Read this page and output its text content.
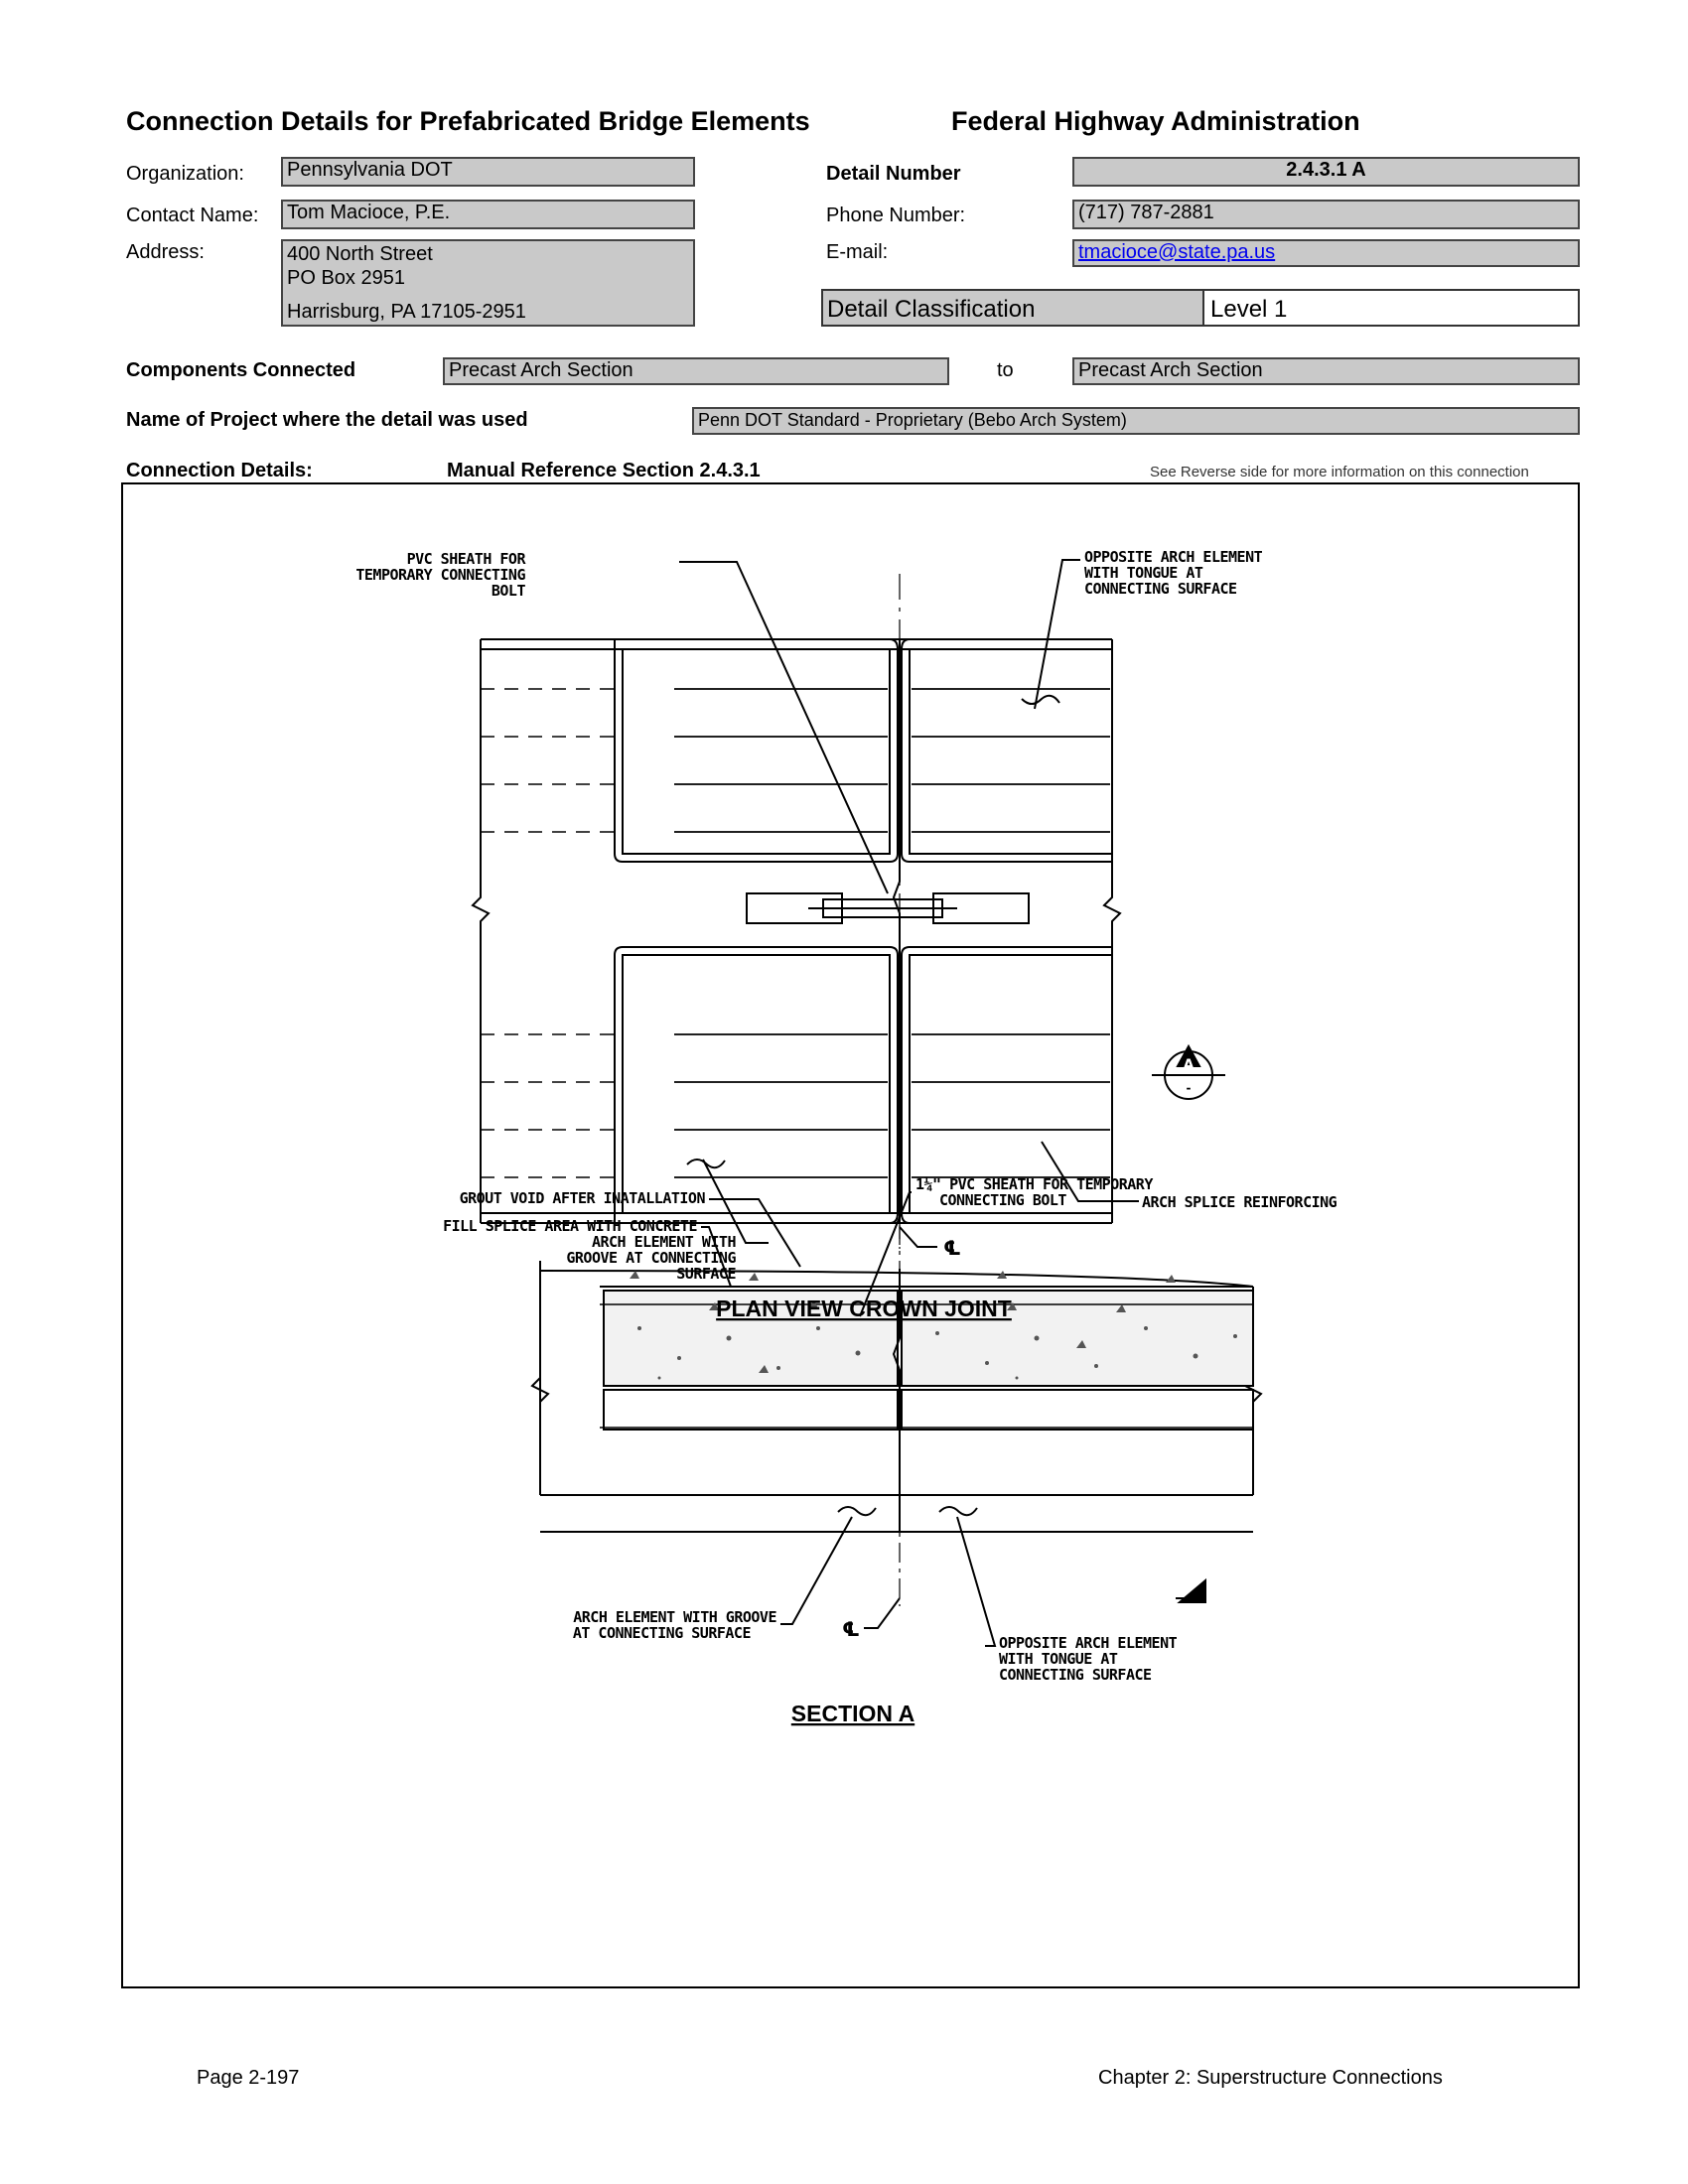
Connection Details for Prefabricated Bridge Elements	Federal Highway Administration
Organization:	Pennsylvania DOT
Contact Name:	Tom Macioce, P.E.
Address:	400 North Street
PO Box 2951
Harrisburg, PA 17105-2951
Detail Number	2.4.3.1 A
Phone Number:	(717) 787-2881
E-mail:	tmacioce@state.pa.us
Detail Classification	Level 1
Components Connected	Precast Arch Section	to	Precast Arch Section
Name of Project where the detail was used	Penn DOT Standard - Proprietary (Bebo Arch System)
Connection Details:	Manual Reference Section 2.4.3.1	See Reverse side for more information on this connection
PVC SHEATH FOR
TEMPORARY CONNECTING
BOLT
OPPOSITE ARCH ELEMENT
WITH TONGUE AT
CONNECTING SURFACE
ARCH SPLICE REINFORCING
ARCH ELEMENT WITH
GROOVE AT CONNECTING
SURFACE
℄
A
-
PLAN VIEW CROWN JOINT
1¼" PVC SHEATH FOR TEMPORARY
CONNECTING BOLT
GROUT VOID AFTER INATALLATION
FILL SPLICE AREA WITH CONCRETE
ARCH ELEMENT WITH GROOVE
AT CONNECTING SURFACE
OPPOSITE ARCH ELEMENT
WITH TONGUE AT
CONNECTING SURFACE
℄
SECTION A
Page 2-197	Chapter 2: Superstructure Connections
